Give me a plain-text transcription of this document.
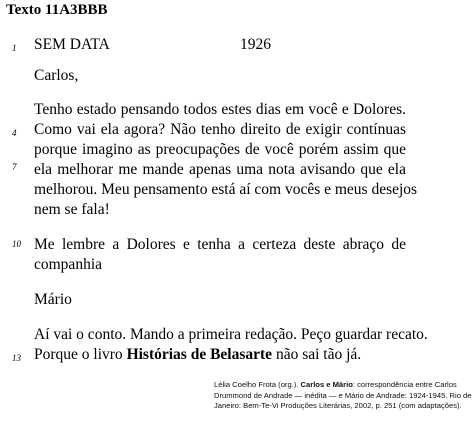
Texto 11A3BBB
1
4
7
10
13
SEM DATA	1926
Carlos,
Tenho estado pensando todos estes dias em você e Dolores.
Como vai ela agora? Não tenho direito de exigir contínuas
porque imagino as preocupações de você porém assim que
ela melhorar me mande apenas uma nota avisando que ela
melhorou. Meu pensamento está aí com vocês e meus desejos
nem se fala!
Me lembre a Dolores e tenha a certeza deste abraço de
companhia
Mário
Aí vai o conto. Mando a primeira redação. Peço guardar recato.
Porque o livro Histórias de Belasarte não sai tão já.
Lélia Coelho Frota (org.). Carlos e Mário: correspondência entre Carlos
Drummond de Andrade — inédita — e Mário de Andrade: 1924-1945. Rio de
Janeiro: Bem-Te-Vi Produções Literárias, 2002, p. 251 (com adaptações).
